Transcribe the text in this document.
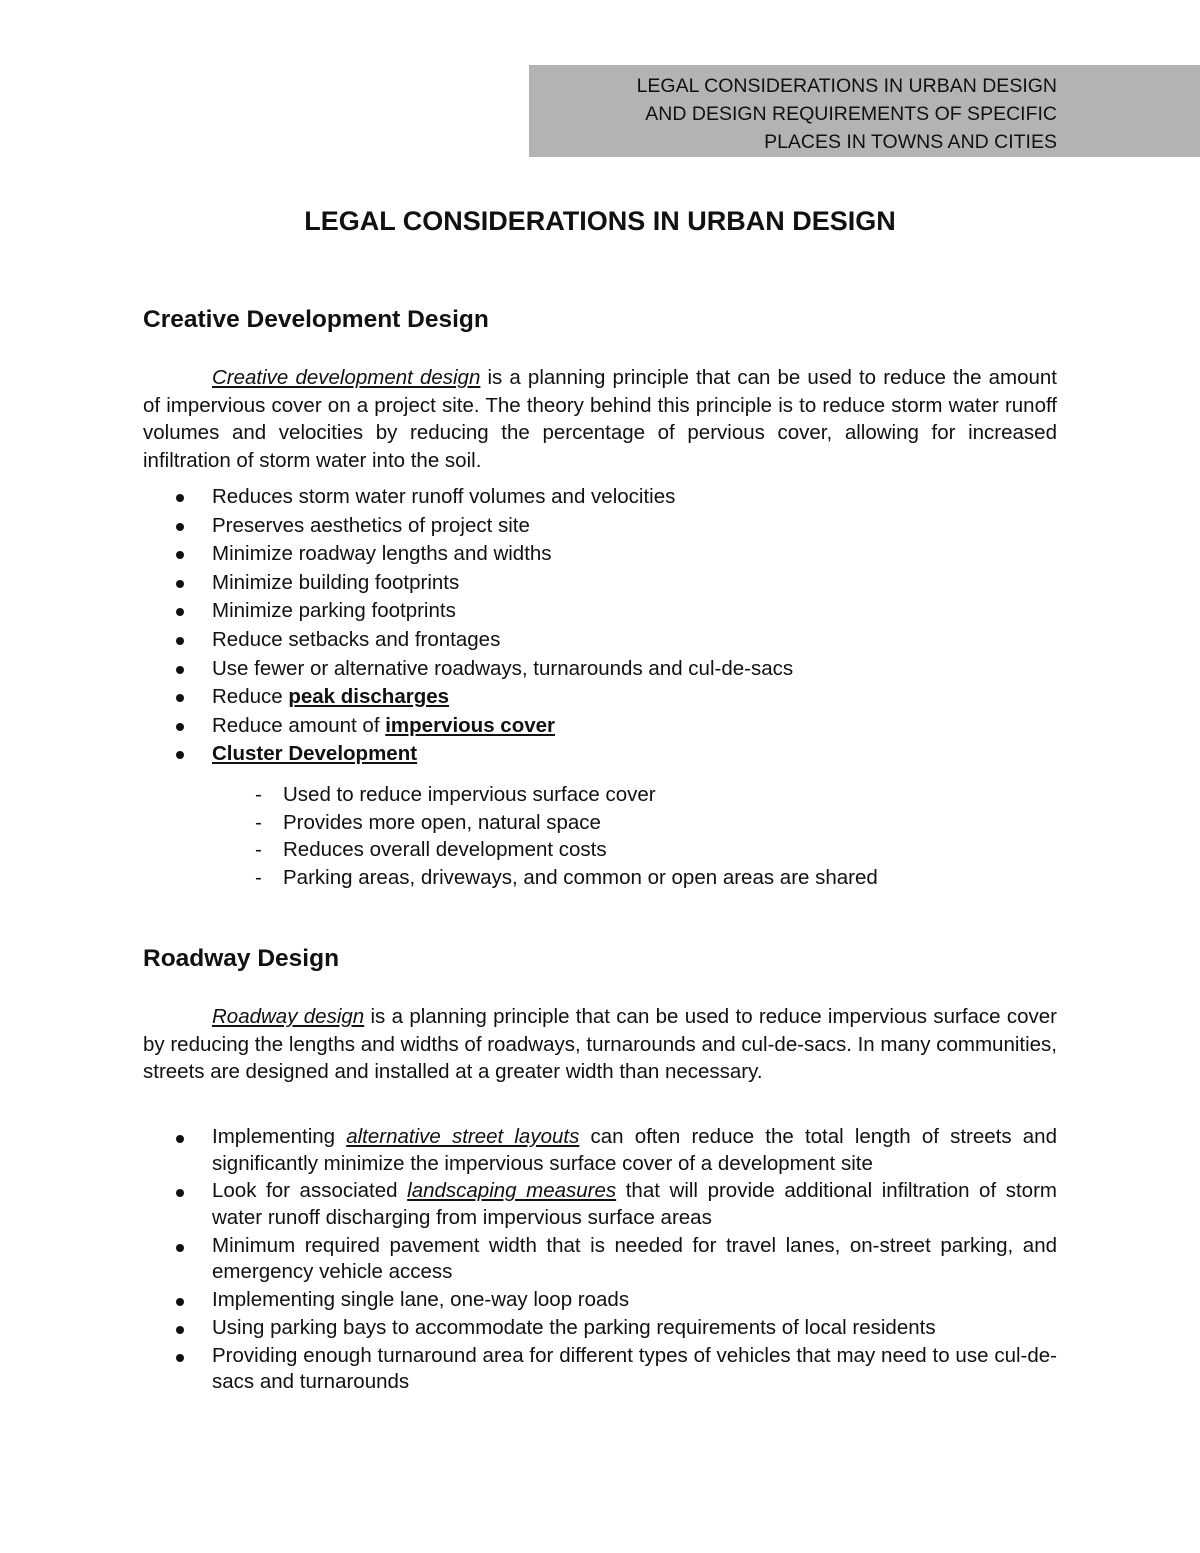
LEGAL CONSIDERATIONS IN URBAN DESIGN
AND DESIGN REQUIREMENTS OF SPECIFIC
PLACES IN TOWNS AND CITIES
LEGAL CONSIDERATIONS IN URBAN DESIGN
Creative Development Design

Creative development design is a planning principle that can be used to reduce the amount of impervious cover on a project site. The theory behind this principle is to reduce storm water runoff volumes and velocities by reducing the percentage of pervious cover, allowing for increased infiltration of storm water into the soil.

Reduces storm water runoff volumes and velocities
Preserves aesthetics of project site
Minimize roadway lengths and widths
Minimize building footprints
Minimize parking footprints
Reduce setbacks and frontages
Use fewer or alternative roadways, turnarounds and cul-de-sacs
Reduce peak discharges
Reduce amount of impervious cover
Cluster Development
- Used to reduce impervious surface cover
- Provides more open, natural space
- Reduces overall development costs
- Parking areas, driveways, and common or open areas are shared
Roadway Design

Roadway design is a planning principle that can be used to reduce impervious surface cover by reducing the lengths and widths of roadways, turnarounds and cul-de-sacs. In many communities, streets are designed and installed at a greater width than necessary.

Implementing alternative street layouts can often reduce the total length of streets and significantly minimize the impervious surface cover of a development site
Look for associated landscaping measures that will provide additional infiltration of storm water runoff discharging from impervious surface areas
Minimum required pavement width that is needed for travel lanes, on-street parking, and emergency vehicle access
Implementing single lane, one-way loop roads
Using parking bays to accommodate the parking requirements of local residents
Providing enough turnaround area for different types of vehicles that may need to use cul-de-sacs and turnarounds
